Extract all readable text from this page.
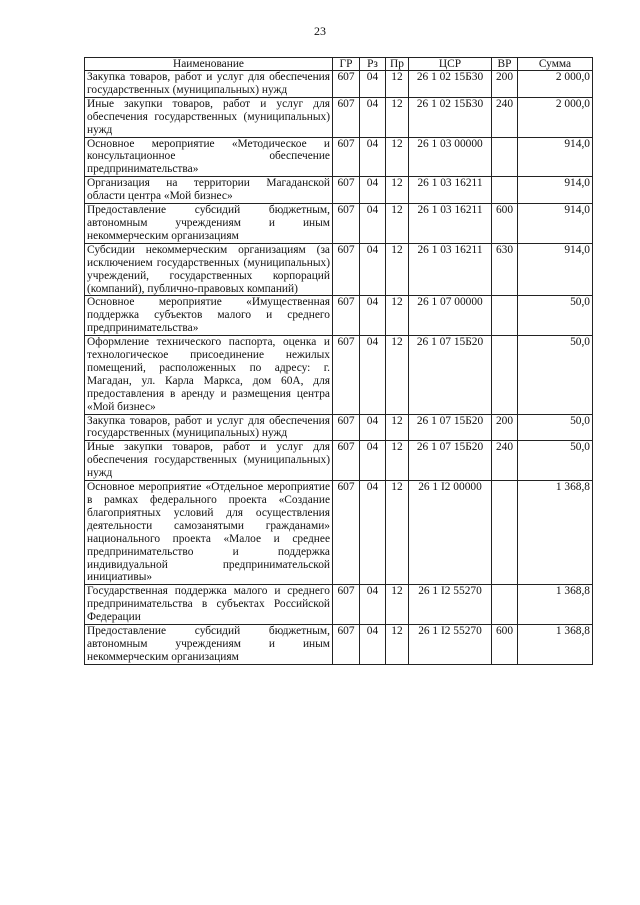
23
Наименование	ГР	Рз	Пр	ЦСР	ВР	Сумма
Закупка товаров, работ и услуг для обеспечения государственных (муниципальных) нужд	607	04	12	26 1 02 15Б30	200	2 000,0
Иные закупки товаров, работ и услуг для обеспечения государственных (муниципальных) нужд	607	04	12	26 1 02 15Б30	240	2 000,0
Основное мероприятие «Методическое и консультационное обеспечение предпринимательства»	607	04	12	26 1 03 00000		914,0
Организация на территории Магаданской области центра «Мой бизнес»	607	04	12	26 1 03 16211		914,0
Предоставление субсидий бюджетным, автономным учреждениям и иным некоммерческим организациям	607	04	12	26 1 03 16211	600	914,0
Субсидии некоммерческим организациям (за исключением государственных (муниципальных) учреждений, государственных корпораций (компаний), публично-правовых компаний)	607	04	12	26 1 03 16211	630	914,0
Основное мероприятие «Имущественная поддержка субъектов малого и среднего предпринимательства»	607	04	12	26 1 07 00000		50,0
Оформление технического паспорта, оценка и технологическое присоединение нежилых помещений, расположенных по адресу: г. Магадан, ул. Карла Маркса, дом 60А, для предоставления в аренду и размещения центра «Мой бизнес»	607	04	12	26 1 07 15Б20		50,0
Закупка товаров, работ и услуг для обеспечения государственных (муниципальных) нужд	607	04	12	26 1 07 15Б20	200	50,0
Иные закупки товаров, работ и услуг для обеспечения государственных (муниципальных) нужд	607	04	12	26 1 07 15Б20	240	50,0
Основное мероприятие «Отдельное мероприятие в рамках федерального проекта «Создание благоприятных условий для осуществления деятельности самозанятыми гражданами» национального проекта «Малое и среднее предпринимательство и поддержка индивидуальной предпринимательской инициативы»	607	04	12	26 1 I2 00000		1 368,8
Государственная поддержка малого и среднего предпринимательства в субъектах Российской Федерации	607	04	12	26 1 I2 55270		1 368,8
Предоставление субсидий бюджетным, автономным учреждениям и иным некоммерческим организациям	607	04	12	26 1 I2 55270	600	1 368,8
